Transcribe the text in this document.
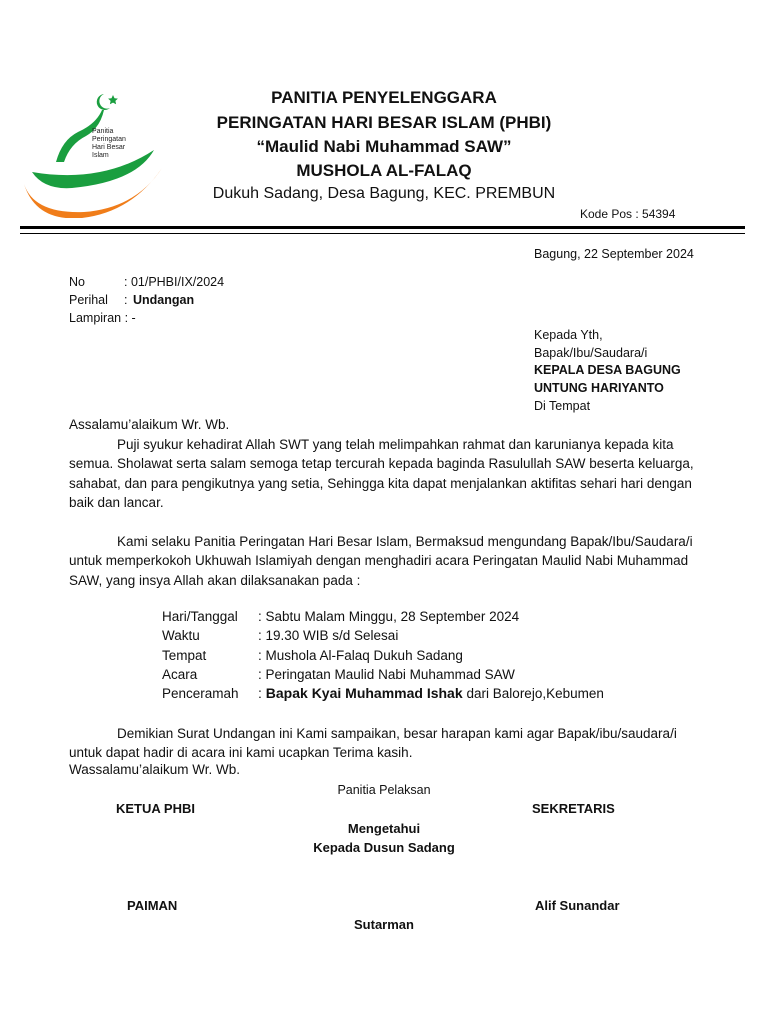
Panitia
Peringatan
Hari Besar
Islam
PANITIA PENYELENGGARA
PERINGATAN HARI BESAR ISLAM (PHBI)
“Maulid Nabi Muhammad SAW”
MUSHOLA AL-FALAQ
Dukuh Sadang, Desa Bagung, KEC. PREMBUN
Kode Pos : 54394
Bagung, 22 September 2024
No	: 01/PHBI/IX/2024
Perihal : Undangan
Lampiran : -
Kepada Yth,
Bapak/Ibu/Saudara/i
KEPALA DESA BAGUNG
UNTUNG HARIYANTO
Di Tempat
Assalamu’alaikum Wr. Wb.
Puji syukur kehadirat Allah SWT yang telah melimpahkan rahmat dan karunianya kepada kita semua. Sholawat serta salam semoga tetap tercurah kepada baginda Rasulullah SAW beserta keluarga, sahabat, dan para pengikutnya yang setia, Sehingga kita dapat menjalankan aktifitas sehari hari dengan baik dan lancar.
Kami selaku Panitia Peringatan Hari Besar Islam, Bermaksud mengundang Bapak/Ibu/Saudara/i untuk memperkokoh Ukhuwah Islamiyah dengan menghadiri acara Peringatan Maulid Nabi Muhammad SAW, yang insya Allah akan dilaksanakan pada :
Hari/Tanggal : Sabtu Malam Minggu, 28 September 2024
Waktu	: 19.30 WIB s/d Selesai
Tempat	: Mushola Al-Falaq Dukuh Sadang
Acara	: Peringatan Maulid Nabi Muhammad SAW
Penceramah : Bapak Kyai Muhammad Ishak dari Balorejo,Kebumen
Demikian Surat Undangan ini Kami sampaikan, besar harapan kami agar Bapak/ibu/saudara/i untuk dapat hadir di acara ini kami ucapkan Terima kasih.
Wassalamu’alaikum Wr. Wb.
Panitia Pelaksan
KETUA PHBI	SEKRETARIS
Mengetahui
Kepada Dusun Sadang
PAIMAN	Alif Sunandar
Sutarman
